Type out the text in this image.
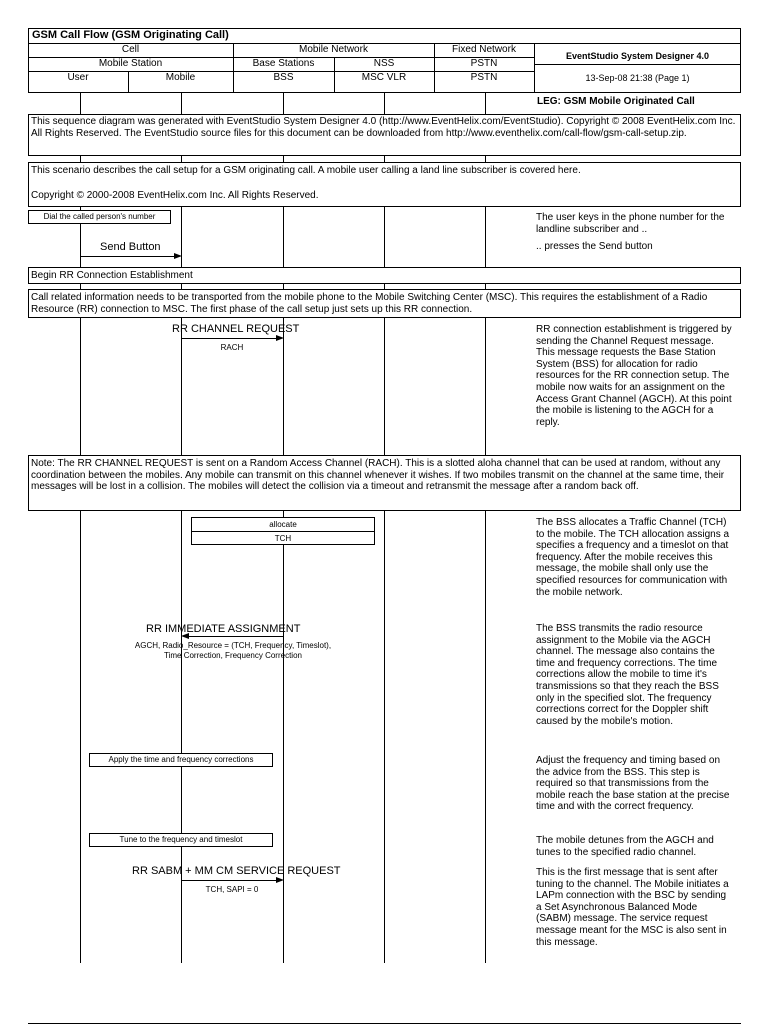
GSM Call Flow (GSM Originating Call)
Cell	Mobile Network	Fixed Network
Mobile Station	Base Stations	NSS	PSTN
User	Mobile	BSS	MSC VLR	PSTN
EventStudio System Designer 4.0
13-Sep-08 21:38 (Page 1)
LEG: GSM Mobile Originated Call
This sequence diagram was generated with EventStudio System Designer 4.0 (http://www.EventHelix.com/EventStudio). Copyright © 2008 EventHelix.com Inc. All Rights Reserved. The EventStudio source files for this document can be downloaded from http://www.eventhelix.com/call-flow/gsm-call-setup.zip.
This scenario describes the call setup for a GSM originating call. A mobile user calling a land line subscriber is covered here.
Copyright © 2000-2008 EventHelix.com Inc. All Rights Reserved.
Dial the called person's number	The user keys in the phone number for the landline subscriber and ..
Send Button	.. presses the Send button
Begin RR Connection Establishment
Call related information needs to be transported from the mobile phone to the Mobile Switching Center (MSC). This requires the establishment of a Radio Resource (RR) connection to MSC. The first phase of the call setup just sets up this RR connection.
RR CHANNEL REQUEST
RACH
RR connection establishment is triggered by sending the Channel Request message. This message requests the Base Station System (BSS) for allocation for radio resources for the RR connection setup. The mobile now waits for an assignment on the Access Grant Channel (AGCH). At this point the mobile is listening to the AGCH for a reply.
Note: The RR CHANNEL REQUEST is sent on a Random Access Channel (RACH). This is a slotted aloha channel that can be used at random, without any coordination between the mobiles. Any mobile can transmit on this channel whenever it wishes. If two mobiles transmit on the channel at the same time, their messages will be lost in a collision. The mobiles will detect the collision via a timeout and retransmit the message after a random back off.
allocate
TCH
The BSS allocates a Traffic Channel (TCH) to the mobile. The TCH allocation assigns a specifies a frequency and a timeslot on that frequency. After the mobile receives this message, the mobile shall only use the specified resources for communication with the mobile network.
RR IMMEDIATE ASSIGNMENT
AGCH, Radio_Resource = (TCH, Frequency, Timeslot), Time Correction, Frequency Correction
The BSS transmits the radio resource assignment to the Mobile via the AGCH channel. The message also contains the time and frequency corrections. The time corrections allow the mobile to time it's transmissions so that they reach the BSS only in the specified slot. The frequency corrections correct for the Doppler shift caused by the mobile's motion.
Apply the time and frequency corrections	Adjust the frequency and timing based on the advice from the BSS. This step is required so that transmissions from the mobile reach the base station at the precise time and with the correct frequency.
Tune to the frequency and timeslot	The mobile detunes from the AGCH and tunes to the specified radio channel.
RR SABM + MM CM SERVICE REQUEST
TCH, SAPI = 0
This is the first message that is sent after tuning to the channel. The Mobile initiates a LAPm connection with the BSC by sending a Set Asynchronous Balanced Mode (SABM) message. The service request message meant for the MSC is also sent in this message.
